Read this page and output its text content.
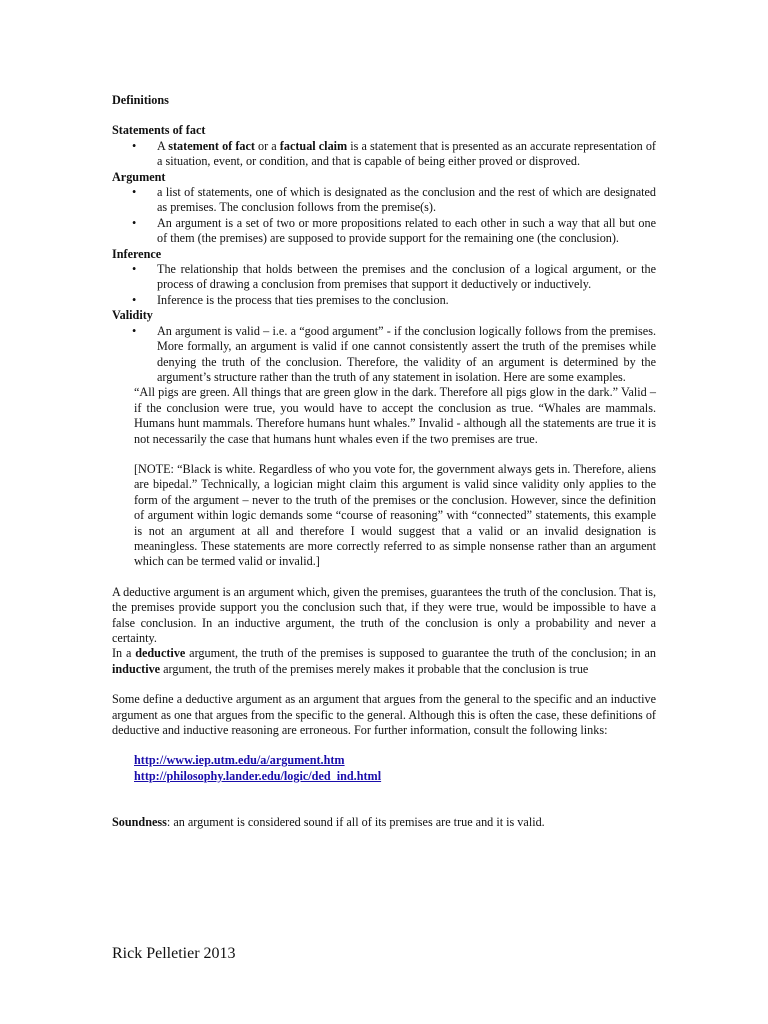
Definitions
Statements of fact
• A statement of fact or a factual claim is a statement that is presented as an accurate representation of a situation, event, or condition, and that is capable of being either proved or disproved.
Argument
• a list of statements, one of which is designated as the conclusion and the rest of which are designated as premises. The conclusion follows from the premise(s).
• An argument is a set of two or more propositions related to each other in such a way that all but one of them (the premises) are supposed to provide support for the remaining one (the conclusion).
Inference
• The relationship that holds between the premises and the conclusion of a logical argument, or the process of drawing a conclusion from premises that support it deductively or inductively.
• Inference is the process that ties premises to the conclusion.
Validity
• An argument is valid – i.e. a “good argument” - if the conclusion logically follows from the premises. More formally, an argument is valid if one cannot consistently assert the truth of the premises while denying the truth of the conclusion. Therefore, the validity of an argument is determined by the argument’s structure rather than the truth of any statement in isolation. Here are some examples.
“All pigs are green. All things that are green glow in the dark. Therefore all pigs glow in the dark.” Valid – if the conclusion were true, you would have to accept the conclusion as true. “Whales are mammals. Humans hunt mammals. Therefore humans hunt whales.” Invalid - although all the statements are true it is not necessarily the case that humans hunt whales even if the two premises are true.
[NOTE: “Black is white. Regardless of who you vote for, the government always gets in. Therefore, aliens are bipedal.” Technically, a logician might claim this argument is valid since validity only applies to the form of the argument – never to the truth of the premises or the conclusion. However, since the definition of argument within logic demands some “course of reasoning” with “connected” statements, this example is not an argument at all and therefore I would suggest that a valid or an invalid designation is meaningless. These statements are more correctly referred to as simple nonsense rather than an argument which can be termed valid or invalid.]

A deductive argument is an argument which, given the premises, guarantees the truth of the conclusion. That is, the premises provide support you the conclusion such that, if they were true, would be impossible to have a false conclusion. In an inductive argument, the truth of the conclusion is only a probability and never a certainty.

In a deductive argument, the truth of the premises is supposed to guarantee the truth of the conclusion; in an inductive argument, the truth of the premises merely makes it probable that the conclusion is true

Some define a deductive argument as an argument that argues from the general to the specific and an inductive argument as one that argues from the specific to the general. Although this is often the case, these definitions of deductive and inductive reasoning are erroneous. For further information, consult the following links:

http://www.iep.utm.edu/a/argument.htm
http://philosophy.lander.edu/logic/ded_ind.html

Soundness: an argument is considered sound if all of its premises are true and it is valid.

Rick Pelletier 2013
